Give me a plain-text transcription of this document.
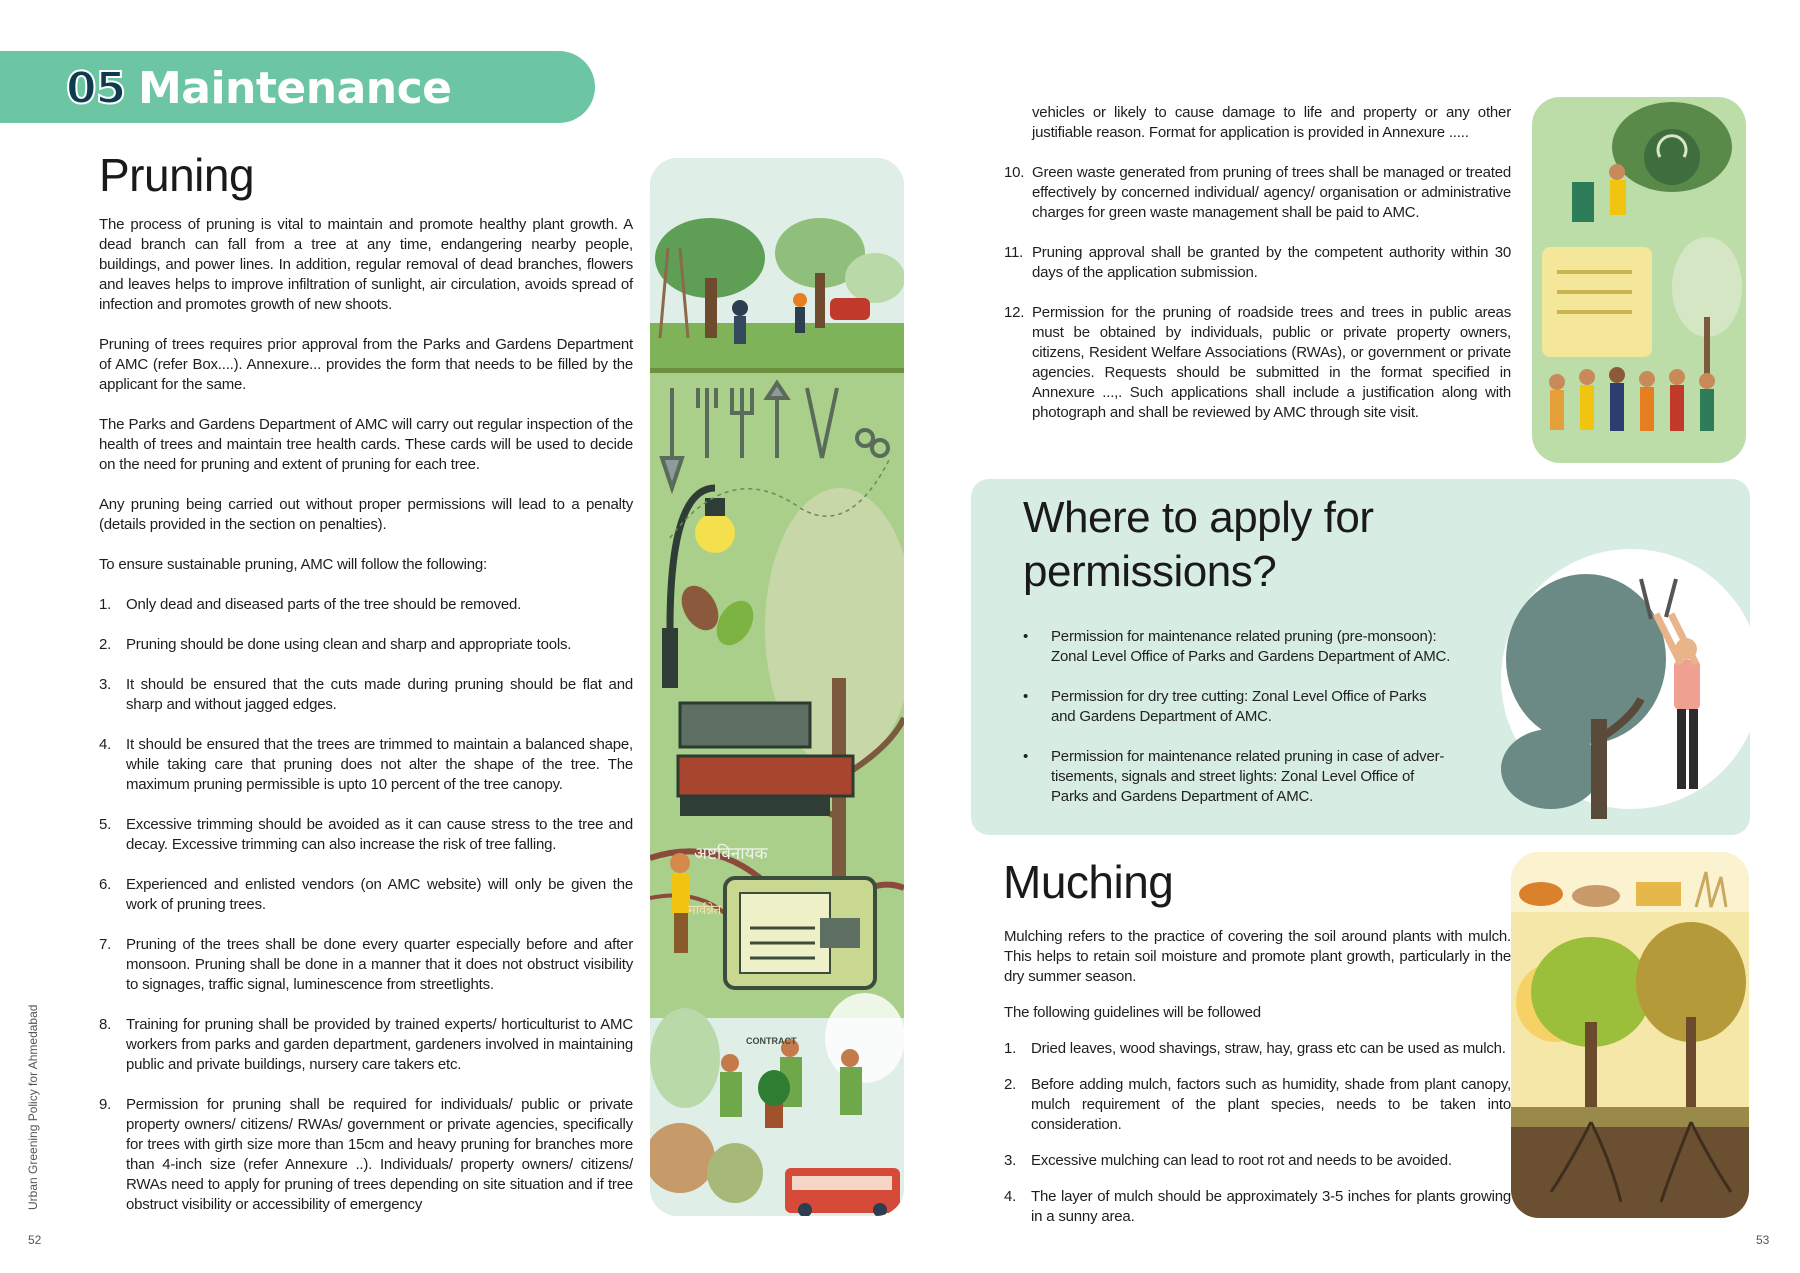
05 Maintenance
Pruning

The process of pruning is vital to maintain and promote healthy plant growth. A dead branch can fall from a tree at any time, endangering nearby people, buildings, and power lines. In addition, regular removal of dead branches, flowers and leaves helps to improve infiltration of sunlight, air circulation, avoids spread of infection and promotes growth of new shoots.

Pruning of trees requires prior approval from the Parks and Gardens Department of AMC (refer Box....). Annexure... provides the form that needs to be filled by the applicant for the same.

The Parks and Gardens Department of AMC will carry out regular inspection of the health of trees and maintain tree health cards. These cards will be used to decide on the need for pruning and extent of pruning for each tree.

Any pruning being carried out without proper permissions will lead to a penalty (details provided in the section on penalties).

To ensure sustainable pruning, AMC will follow the following:

1. Only dead and diseased parts of the tree should be removed.
2. Pruning should be done using clean and sharp and appropriate tools.
3. It should be ensured that the cuts made during pruning should be flat and sharp and without jagged edges.
4. It should be ensured that the trees are trimmed to maintain a balanced shape, while taking care that pruning does not alter the shape of the tree. The maximum pruning permissible is upto 10 percent of the tree canopy.
5. Excessive trimming should be avoided as it can cause stress to the tree and decay. Excessive trimming can also increase the risk of tree falling.
6. Experienced and enlisted vendors (on AMC website) will only be given the work of pruning trees.
7. Pruning of the trees shall be done every quarter especially before and after monsoon. Pruning shall be done in a manner that it does not obstruct visibility to signages, traffic signal, luminescence from streetlights.
8. Training for pruning shall be provided by trained experts/ horticulturist to AMC workers from parks and garden department, gardeners involved in maintaining public and private buildings, nursery care takers etc.
9. Permission for pruning shall be required for individuals/ public or private property owners/ citizens/ RWAs/ government or private agencies, specifically for trees with girth size more than 15cm and heavy pruning for branches more than 4-inch size (refer Annexure ..). Individuals/ property owners/ citizens/ RWAs need to apply for pruning of trees depending on site situation and if tree obstruct visibility or accessibility of emergency
अष्टविनायक
मार्वन्नेत
CONTRACT

vehicles or likely to cause damage to life and property or any other justifiable reason. Format for application is provided in Annexure .....

10. Green waste generated from pruning of trees shall be managed or treated effectively by concerned individual/ agency/ organisation or administrative charges for green waste management shall be paid to AMC.
11. Pruning approval shall be granted by the competent authority within 30 days of the application submission.
12. Permission for the pruning of roadside trees and trees in public areas must be obtained by individuals, public or private property owners, citizens, Resident Welfare Associations (RWAs), or government or private agencies. Requests should be submitted in the format specified in Annexure ...,. Such applications shall include a justification along with photograph and shall be reviewed by AMC through site visit.
Where to apply for permissions?
• Permission for maintenance related pruning (pre-monsoon): Zonal Level Office of Parks and Gardens Department of AMC.
• Permission for dry tree cutting: Zonal Level Office of Parks and Gardens Department of AMC.
• Permission for maintenance related pruning in case of adver-tisements, signals and street lights: Zonal Level Office of Parks and Gardens Department of AMC.
Muching

Mulching refers to the practice of covering the soil around plants with mulch. This helps to retain soil moisture and promote plant growth, particularly in the dry summer season.

The following guidelines will be followed

1. Dried leaves, wood shavings, straw, hay, grass etc can be used as mulch.
2. Before adding mulch, factors such as humidity, shade from plant canopy, mulch requirement of the plant species, needs to be taken into consideration.
3. Excessive mulching can lead to root rot and needs to be avoided.
4. The layer of mulch should be approximately 3-5 inches for plants growing in a sunny area.
Urban Greening Policy for Ahmedabad
52	53
